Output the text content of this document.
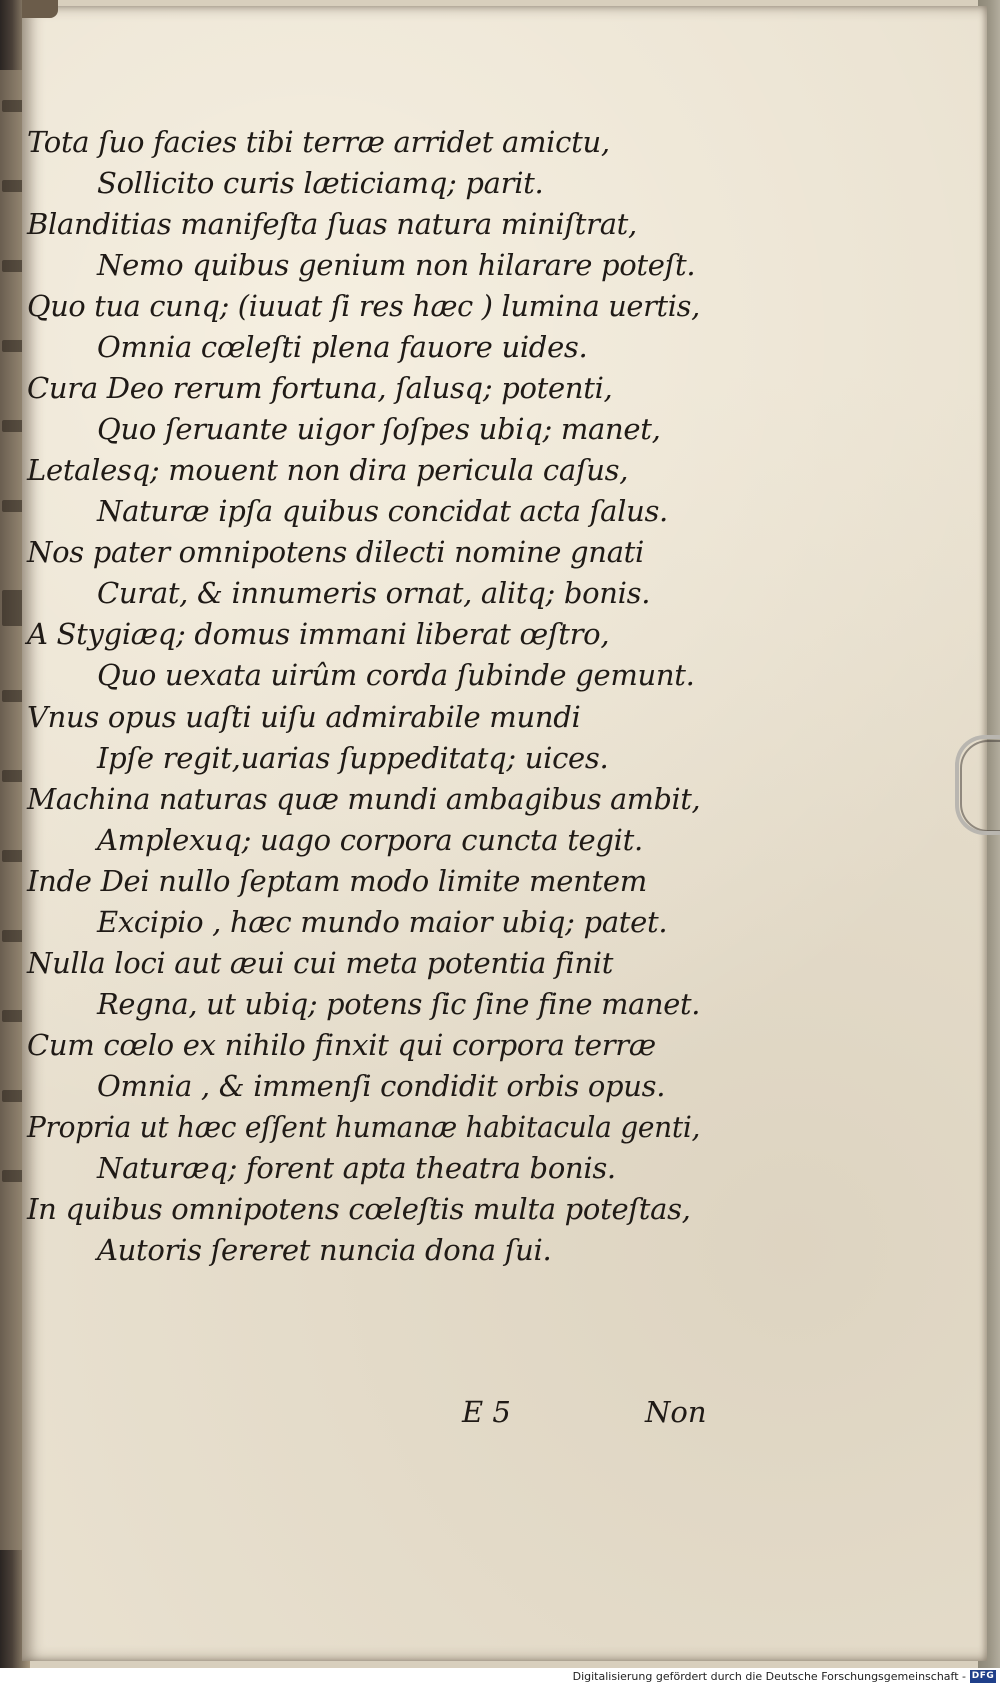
Tota ſuo facies tibi terræ arridet amictu,

Sollicito curis læticiamq; parit.

Blanditias manifeſta ſuas natura miniſtrat,

Nemo quibus genium non hilarare poteſt.

Quo tua cunq; (iuuat ſi res hæc ) lumina uertis,

Omnia cœleſti plena fauore uides.

Cura Deo rerum fortuna, ſalusq; potenti,

Quo ſeruante uigor ſoſpes ubiq; manet,

Letalesq; mouent non dira pericula caſus,

Naturæ ipſa quibus concidat acta ſalus.

Nos pater omnipotens dilecti nomine gnati

Curat, & innumeris ornat, alitq; bonis.

A Stygiæq; domus immani liberat œſtro,

Quo uexata uirûm corda ſubinde gemunt.

Vnus opus uaſti uiſu admirabile mundi

Ipſe regit,uarias ſuppeditatq; uices.

Machina naturas quæ mundi ambagibus ambit,

Amplexuq; uago corpora cuncta tegit.

Inde Dei nullo ſeptam modo limite mentem

Excipio , hæc mundo maior ubiq; patet.

Nulla loci aut æui cui meta potentia finit

Regna, ut ubiq; potens ſic ſine fine manet.

Cum cœlo ex nihilo finxit qui corpora terræ

Omnia , & immenſi condidit orbis opus.

Propria ut hæc eſſent humanæ habitacula genti,

Naturæq; forent apta theatra bonis.

In quibus omnipotens cœleſtis multa poteſtas,

Autoris ſereret nuncia dona ſui.

E 5	Non
Digitalisierung gefördert durch die Deutsche Forschungsgemeinschaft - DFG
